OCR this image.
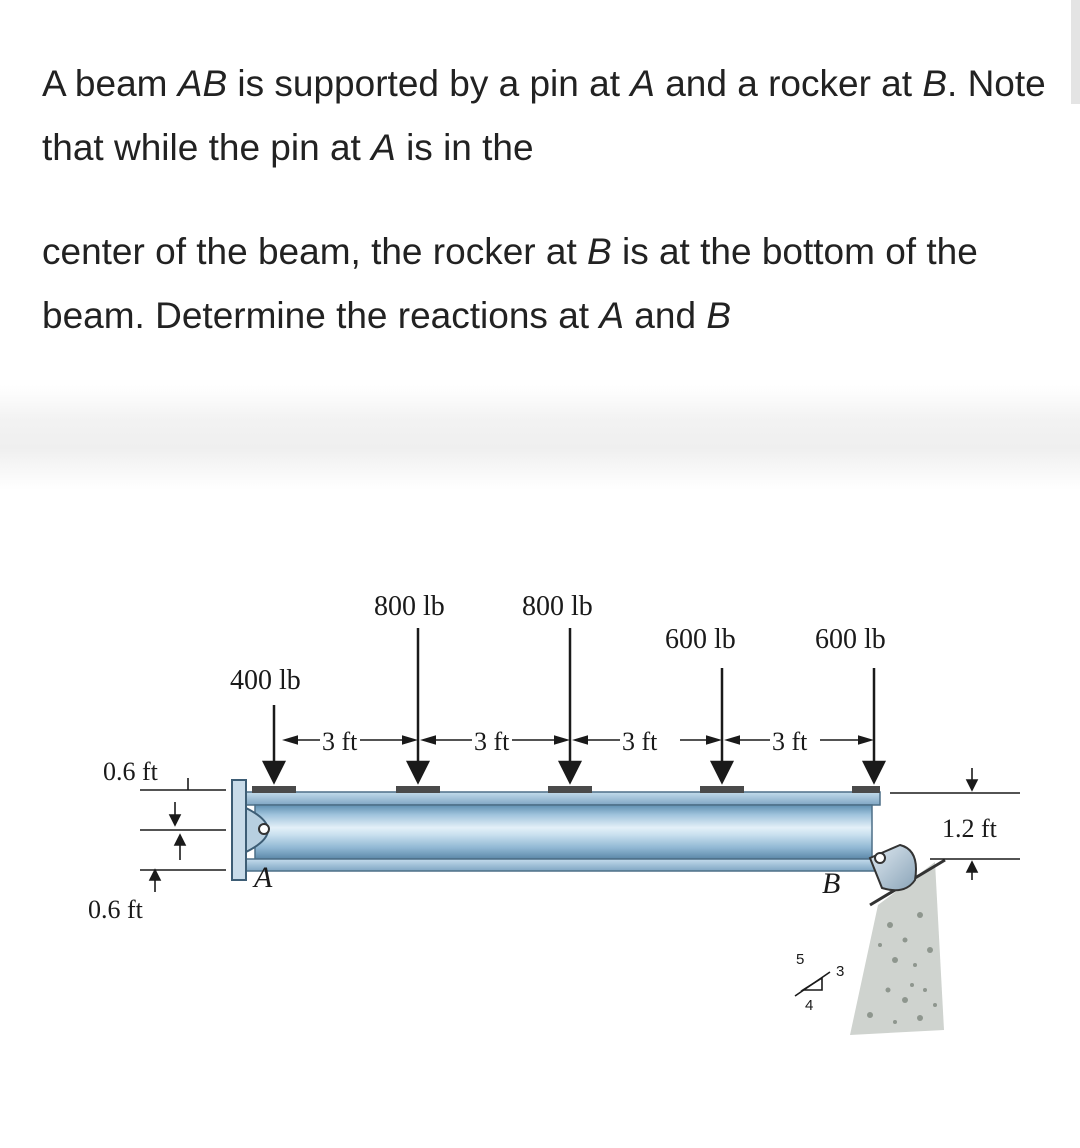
A beam AB is supported by a pin at A and a rocker at B. Note that while the pin at A is in the

center of the beam, the rocker at B is at the bottom of the beam. Determine the reactions at A and B

400 lb
800 lb	800 lb
600 lb	600 lb
3 ft	3 ft	3 ft	3 ft
0.6 ft
0.6 ft
1.2 ft
A	B
5
3
4
